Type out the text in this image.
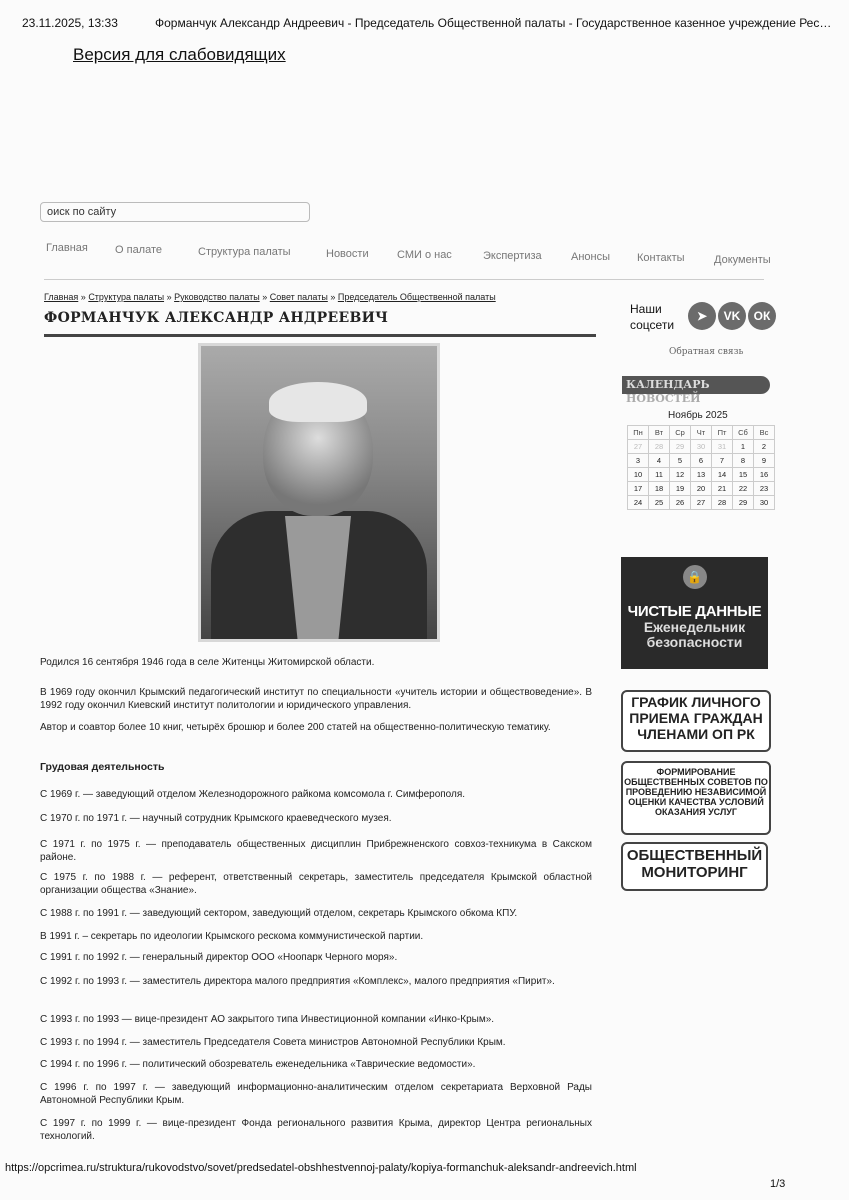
23.11.2025, 13:33	Форманчук Александр Андреевич - Председатель Общественной палаты - Государственное казенное учреждение Рес…
Версия для слабовидящих
оиск по сайту
Главная О палате	Структура палаты	Новости	СМИ о нас	Экспертиза	Анонсы Контакты	Документы
Главная » Структура палаты » Руководство палаты » Совет палаты » Председатель Общественной палаты
ФОРМАНЧУК АЛЕКСАНДР АНДРЕЕВИЧ
Родился 16 сентября 1946 года в селе Житенцы Житомирской области.
В 1969 году окончил Крымский педагогический институт по специальности «учитель истории и обществоведение». В 1992 году окончил Киевский институт политологии и юридического управления.
Автор и соавтор более 10 книг, четырёх брошюр и более 200 статей на общественно-политическую тематику.
Грудовая деятельность
С 1969 г. — заведующий отделом Железнодорожного райкома комсомола г. Симферополя.
С 1970 г. по 1971 г. — научный сотрудник Крымского краеведческого музея.
С 1971 г. по 1975 г. — преподаватель общественных дисциплин Прибрежненского совхоз-техникума в Сакском районе.
С 1975 г. по 1988 г. — референт, ответственный секретарь, заместитель председателя Крымской областной организации общества «Знание».
С 1988 г. по 1991 г. — заведующий сектором, заведующий отделом, секретарь Крымского обкома КПУ.
В 1991 г. – секретарь по идеологии Крымского рескома коммунистической партии.
С 1991 г. по 1992 г. — генеральный директор ООО «Ноопарк Черного моря».
С 1992 г. по 1993 г. — заместитель директора малого предприятия «Комплекс», малого предприятия «Пирит».
С 1993 г. по 1993 — вице-президент АО закрытого типа Инвестиционной компании «Инко-Крым».
С 1993 г. по 1994 г. — заместитель Председателя Совета министров Автономной Республики Крым.
С 1994 г. по 1996 г. — политический обозреватель еженедельника «Таврические ведомости».
С 1996 г. по 1997 г. — заведующий информационно-аналитическим отделом секретариата Верховной Рады Автономной Республики Крым.
С 1997 г. по 1999 г. — вице-президент Фонда регионального развития Крыма, директор Центра региональных технологий.
Наши
соцсети
➤	VK	ОК
Обратная связь
КАЛЕНДАРЬ
НОВОСТЕЙ
Ноябрь 2025
Пн	Вт	Ср	Чт	Пт	Сб	Вс
27	28	29	30	31	1	2
3	4	5	6	7	8	9
10	11	12	13	14	15	16
17	18	19	20	21	22	23
24	25	26	27	28	29	30
🔒
ЧИСТЫЕ ДАННЫЕ
Еженедельник безопасности
ГРАФИК ЛИЧНОГО ПРИЕМА ГРАЖДАН ЧЛЕНАМИ ОП РК
ФОРМИРОВАНИЕ ОБЩЕСТВЕННЫХ СОВЕТОВ ПО ПРОВЕДЕНИЮ НЕЗАВИСИМОЙ ОЦЕНКИ КАЧЕСТВА УСЛОВИЙ ОКАЗАНИЯ УСЛУГ
ОБЩЕСТВЕННЫЙ МОНИТОРИНГ
https://opcrimea.ru/struktura/rukovodstvo/sovet/predsedatel-obshhestvennoj-palaty/kopiya-formanchuk-aleksandr-andreevich.html
1/3
